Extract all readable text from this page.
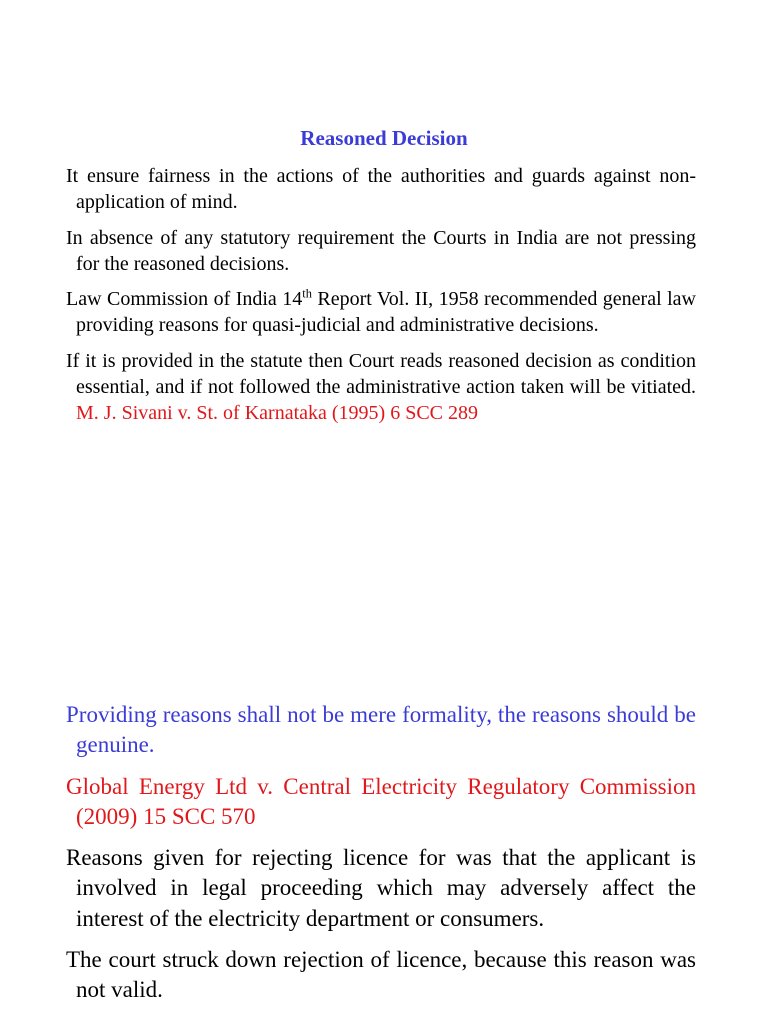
Reasoned Decision

It ensure fairness in the actions of the authorities and guards against non-application of mind.

In absence of any statutory requirement the Courts in India are not pressing for the reasoned decisions.

Law Commission of India 14th Report Vol. II, 1958 recommended general law providing reasons for quasi-judicial and administrative decisions.

If it is provided in the statute then Court reads reasoned decision as condition essential, and if not followed the administrative action taken will be vitiated. M. J. Sivani v. St. of Karnataka (1995) 6 SCC 289

Providing reasons shall not be mere formality, the reasons should be genuine.

Global Energy Ltd v. Central Electricity Regulatory Commission (2009) 15 SCC 570

Reasons given for rejecting licence for was that the applicant is involved in legal proceeding which may adversely affect the interest of the electricity department or consumers.

The court struck down rejection of licence, because this reason was not valid.
